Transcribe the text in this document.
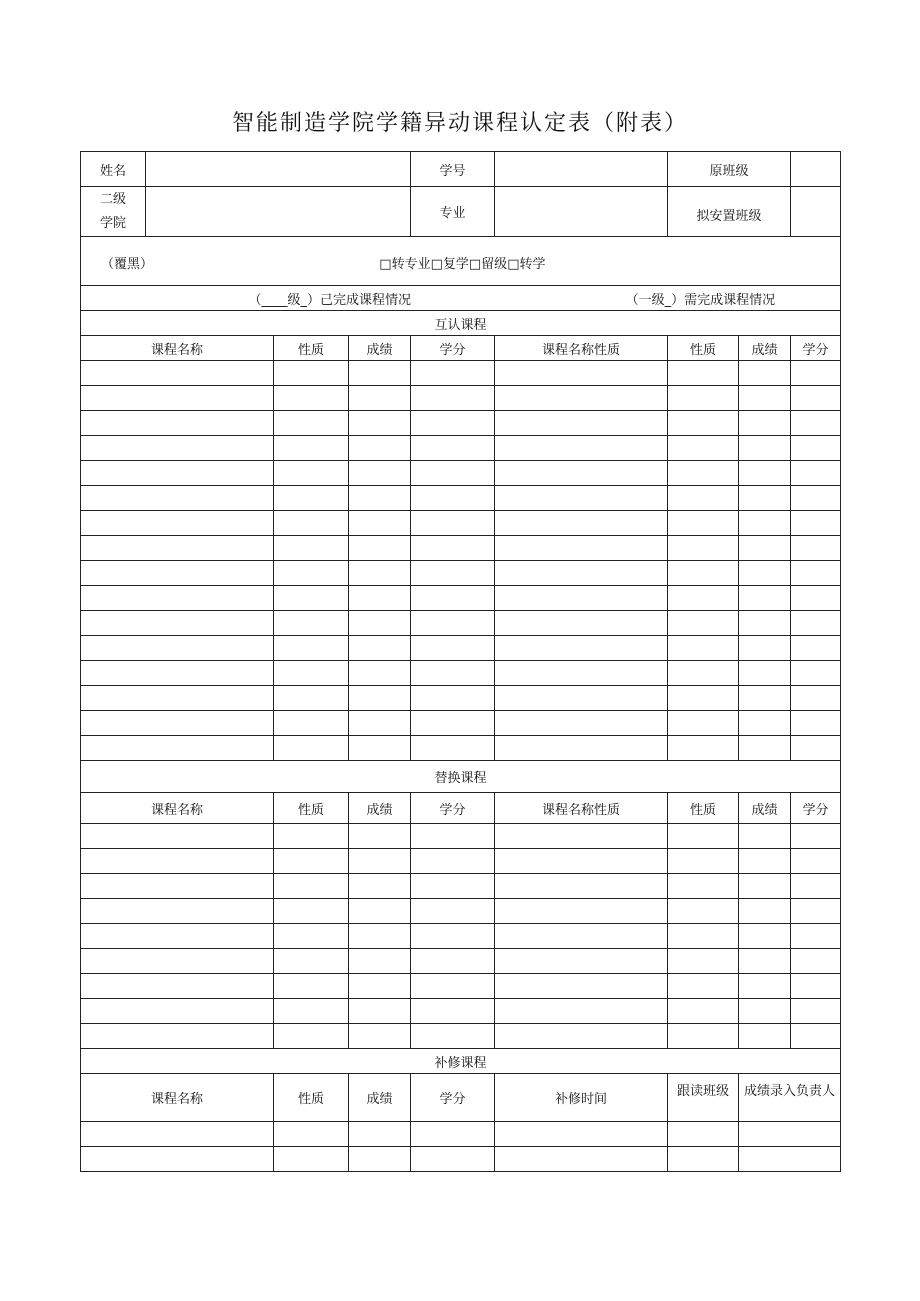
智能制造学院学籍异动课程认定表（附表）
姓名				学号		原班级		

二级
学院				专业		拟安置班级		
（覆黑） □转专业□复学□留级□转学								
（____级_）己完成课程情况 （一级_）需完成课程情况								
互认课程								
课程名称		性质	成绩	学分	课程名称性质	性质	成绩	学分

替换课程								
课程名称		性质	成绩	学分	课程名称性质	性质	成绩	学分

补修课程								
课程名称		性质	成绩	学分	补修时间	跟读班级	成绩录入负责人	
